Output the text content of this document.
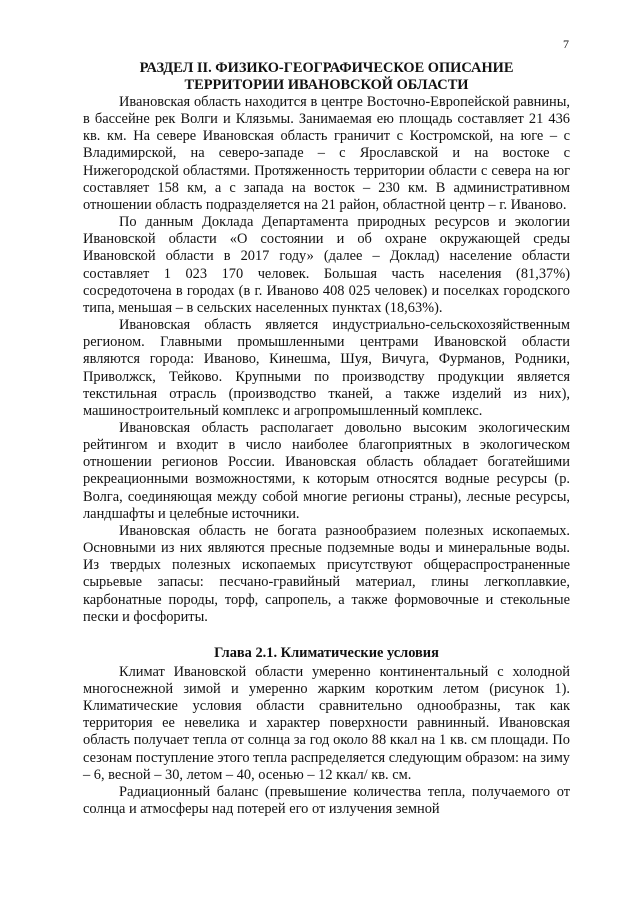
7
РАЗДЕЛ II. ФИЗИКО-ГЕОГРАФИЧЕСКОЕ ОПИСАНИЕ
ТЕРРИТОРИИ ИВАНОВСКОЙ ОБЛАСТИ

Ивановская область находится в центре Восточно-Европейской равнины, в бассейне рек Волги и Клязьмы. Занимаемая ею площадь составляет 21 436 кв. км. На севере Ивановская область граничит с Костромской, на юге – с Владимирской, на северо-западе – с Ярославской и на востоке с Нижегородской областями. Протяженность территории области с севера на юг составляет 158 км, а с запада на восток – 230 км. В административном отношении область подразделяется на 21 район, областной центр – г. Иваново.

По данным Доклада Департамента природных ресурсов и экологии Ивановской области «О состоянии и об охране окружающей среды Ивановской области в 2017 году» (далее – Доклад) население области составляет 1 023 170 человек. Большая часть населения (81,37%) сосредоточена в городах (в г. Иваново 408 025 человек) и поселках городского типа, меньшая – в сельских населенных пунктах (18,63%).

Ивановская область является индустриально-сельскохозяйственным регионом. Главными промышленными центрами Ивановской области являются города: Иваново, Кинешма, Шуя, Вичуга, Фурманов, Родники, Приволжск, Тейково. Крупными по производству продукции является текстильная отрасль (производство тканей, а также изделий из них), машиностроительный комплекс и агропромышленный комплекс.

Ивановская область располагает довольно высоким экологическим рейтингом и входит в число наиболее благоприятных в экологическом отношении регионов России. Ивановская область обладает богатейшими рекреационными возможностями, к которым относятся водные ресурсы (р. Волга, соединяющая между собой многие регионы страны), лесные ресурсы, ландшафты и целебные источники.

Ивановская область не богата разнообразием полезных ископаемых. Основными из них являются пресные подземные воды и минеральные воды. Из твердых полезных ископаемых присутствуют общераспространенные сырьевые запасы: песчано-гравийный материал, глины легкоплавкие, карбонатные породы, торф, сапропель, а также формовочные и стекольные пески и фосфориты.

Глава 2.1. Климатические условия

Климат Ивановской области умеренно континентальный с холодной многоснежной зимой и умеренно жарким коротким летом (рисунок 1). Климатические условия области сравнительно однообразны, так как территория ее невелика и характер поверхности равнинный. Ивановская область получает тепла от солнца за год около 88 ккал на 1 кв. см площади. По сезонам поступление этого тепла распределяется следующим образом: на зиму – 6, весной – 30, летом – 40, осенью – 12 ккал/ кв. см.

Радиационный баланс (превышение количества тепла, получаемого от солнца и атмосферы над потерей его от излучения земной
